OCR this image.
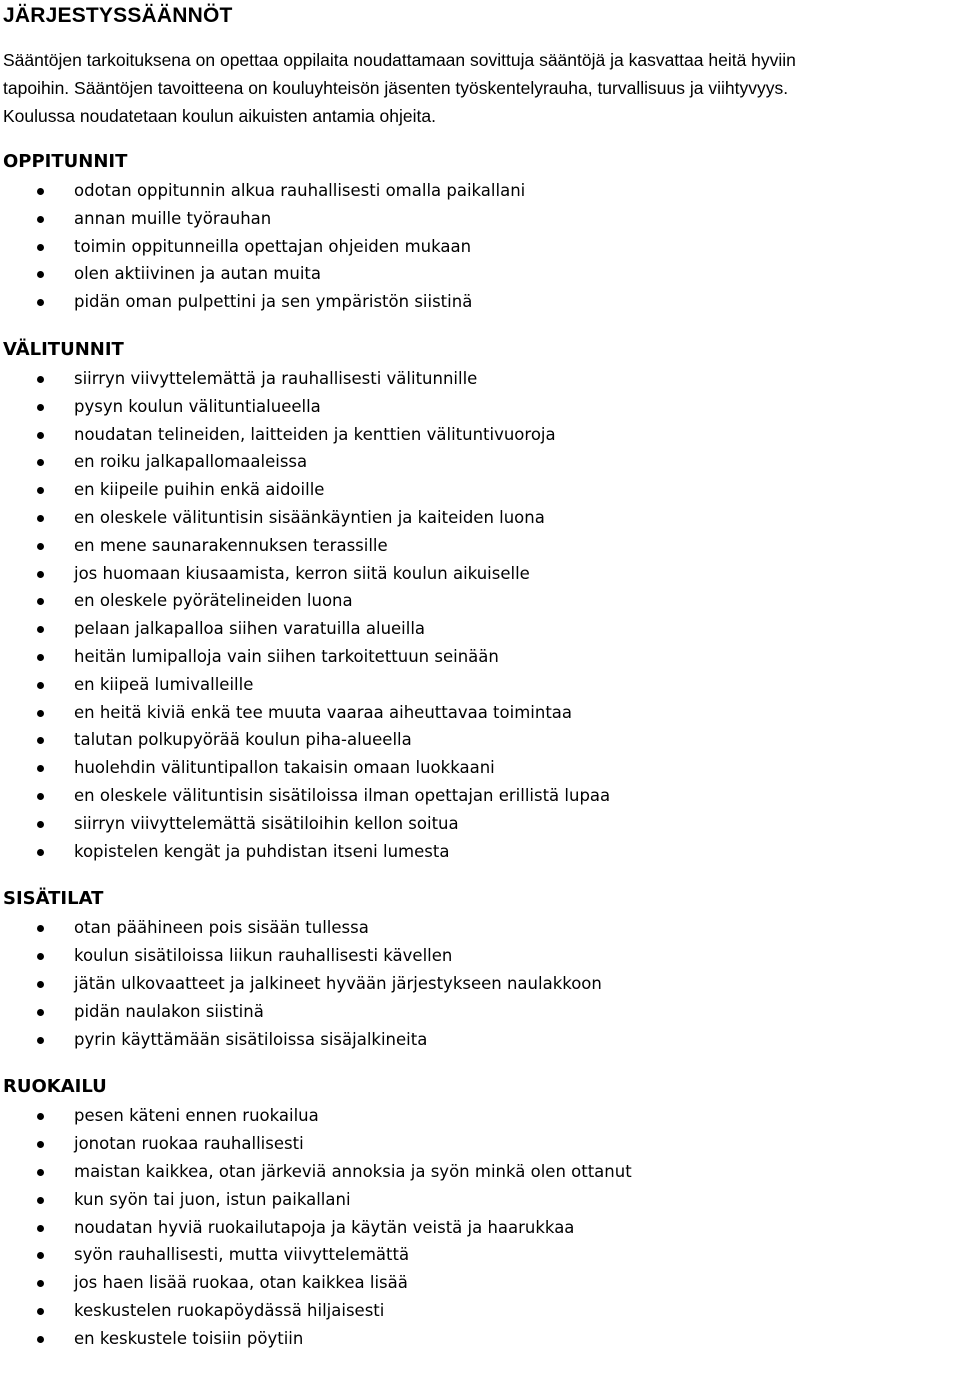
JÄRJESTYSSÄÄNNÖT

Sääntöjen tarkoituksena on opettaa oppilaita noudattamaan sovittuja sääntöjä ja kasvattaa heitä hyviin
tapoihin. Sääntöjen tavoitteena on kouluyhteisön jäsenten työskentelyrauha, turvallisuus ja viihtyvyys.
Koulussa noudatetaan koulun aikuisten antamia ohjeita.

OPPITUNNIT
odotan oppitunnin alkua rauhallisesti omalla paikallani
annan muille työrauhan
toimin oppitunneilla opettajan ohjeiden mukaan
olen aktiivinen ja autan muita
pidän oman pulpettini ja sen ympäristön siistinä
VÄLITUNNIT
siirryn viivyttelemättä ja rauhallisesti välitunnille
pysyn koulun välituntialueella
noudatan telineiden, laitteiden ja kenttien välituntivuoroja
en roiku jalkapallomaaleissa
en kiipeile puihin enkä aidoille
en oleskele välituntisin sisäänkäyntien ja kaiteiden luona
en mene saunarakennuksen terassille
jos huomaan kiusaamista, kerron siitä koulun aikuiselle
en oleskele pyörätelineiden luona
pelaan jalkapalloa siihen varatuilla alueilla
heitän lumipalloja vain siihen tarkoitettuun seinään
en kiipeä lumivalleille
en heitä kiviä enkä tee muuta vaaraa aiheuttavaa toimintaa
talutan polkupyörää koulun piha-alueella
huolehdin välituntipallon takaisin omaan luokkaani
en oleskele välituntisin sisätiloissa ilman opettajan erillistä lupaa
siirryn viivyttelemättä sisätiloihin kellon soitua
kopistelen kengät ja puhdistan itseni lumesta
SISÄTILAT
otan päähineen pois sisään tullessa
koulun sisätiloissa liikun rauhallisesti kävellen
jätän ulkovaatteet ja jalkineet hyvään järjestykseen naulakkoon
pidän naulakon siistinä
pyrin käyttämään sisätiloissa sisäjalkineita
RUOKAILU
pesen käteni ennen ruokailua
jonotan ruokaa rauhallisesti
maistan kaikkea, otan järkeviä annoksia ja syön minkä olen ottanut
kun syön tai juon, istun paikallani
noudatan hyviä ruokailutapoja ja käytän veistä ja haarukkaa
syön rauhallisesti, mutta viivyttelemättä
jos haen lisää ruokaa, otan kaikkea lisää
keskustelen ruokapöydässä hiljaisesti
en keskustele toisiin pöytiin
